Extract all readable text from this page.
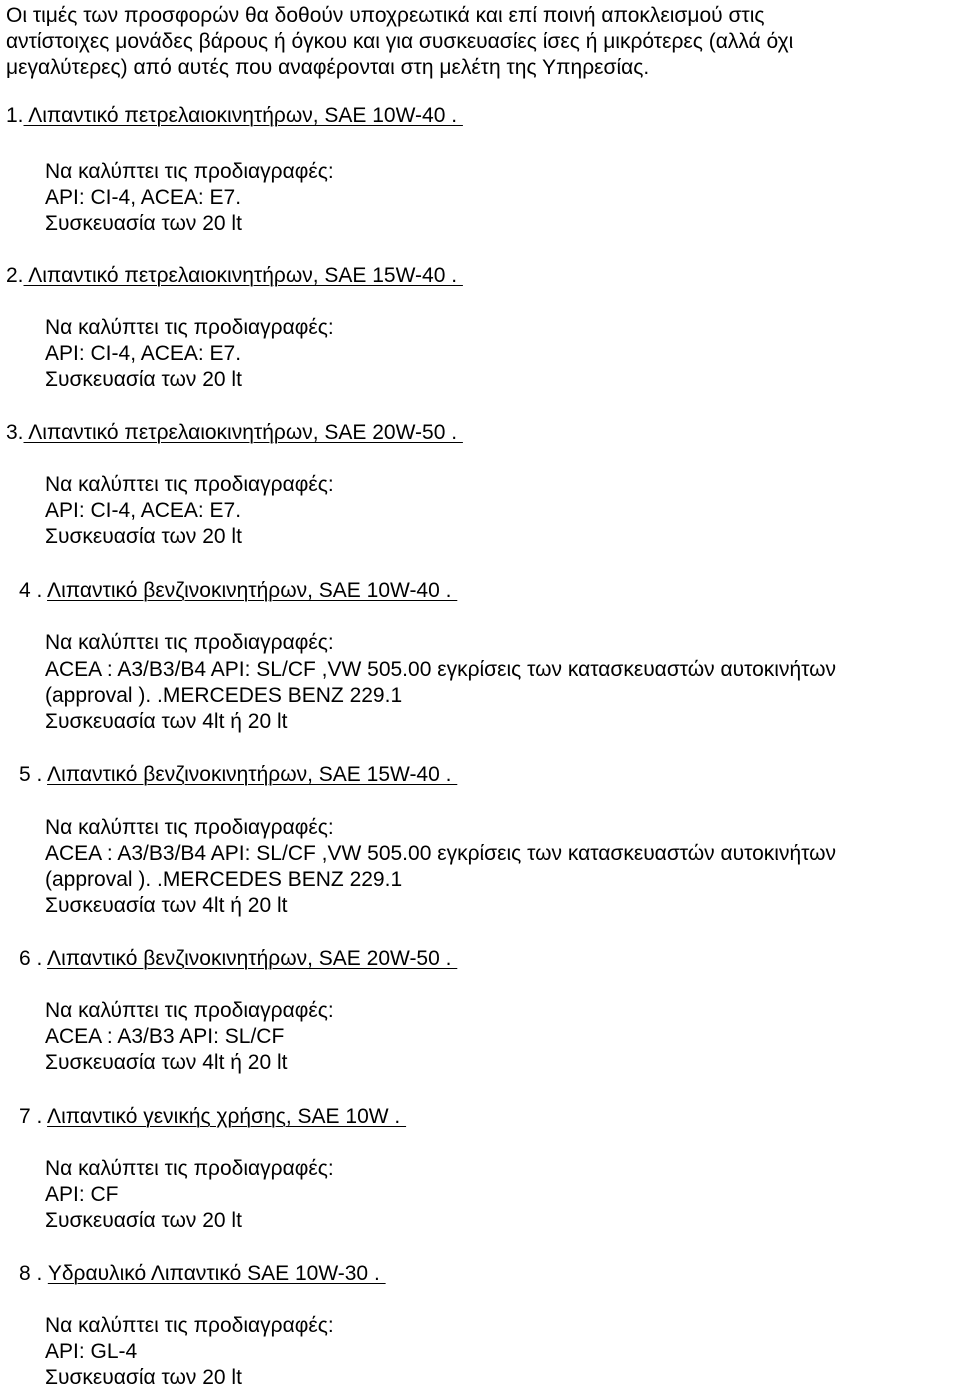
Οι τιμές των προσφορών θα δοθούν υποχρεωτικά και επί ποινή αποκλεισμού στις

αντίστοιχες μονάδες βάρους ή όγκου και για συσκευασίες ίσες ή μικρότερες (αλλά όχι

μεγαλύτερες) από αυτές που αναφέρονται στη μελέτη της Υπηρεσίας.

1. Λιπαντικό πετρελαιοκινητήρων, SAE 10W-40 .
Να καλύπτει τις προδιαγραφές:
API: CI-4, ACEA: E7.
Συσκευασία των 20 lt
2. Λιπαντικό πετρελαιοκινητήρων, SAE 15W-40 .
Να καλύπτει τις προδιαγραφές:
API: CI-4, ACEA: E7.
Συσκευασία των 20 lt
3. Λιπαντικό πετρελαιοκινητήρων, SAE 20W-50 .
Να καλύπτει τις προδιαγραφές:
API: CI-4, ACEA: E7.
Συσκευασία των 20 lt
4 . Λιπαντικό βενζινοκινητήρων, SAE 10W-40 .
Να καλύπτει τις προδιαγραφές:
ACEA : A3/B3/B4 API: SL/CF ,VW 505.00 εγκρίσεις των κατασκευαστών αυτοκινήτων
(approval ). .MERCEDES BENZ 229.1
Συσκευασία των 4lt ή 20 lt
5 . Λιπαντικό βενζινοκινητήρων, SAE 15W-40 .
Να καλύπτει τις προδιαγραφές:
ACEA : A3/B3/B4 API: SL/CF ,VW 505.00 εγκρίσεις των κατασκευαστών αυτοκινήτων
(approval ). .MERCEDES BENZ 229.1
Συσκευασία των 4lt ή 20 lt
6 . Λιπαντικό βενζινοκινητήρων, SAE 20W-50 .
Να καλύπτει τις προδιαγραφές:
ACEA : A3/B3 API: SL/CF
Συσκευασία των 4lt ή 20 lt
7 . Λιπαντικό γενικής χρήσης, SAE 10W .
Να καλύπτει τις προδιαγραφές:
API: CF
Συσκευασία των 20 lt
8 . Υδραυλικό Λιπαντικό SAE 10W-30 .
Να καλύπτει τις προδιαγραφές:
API: GL-4
Συσκευασία των 20 lt
